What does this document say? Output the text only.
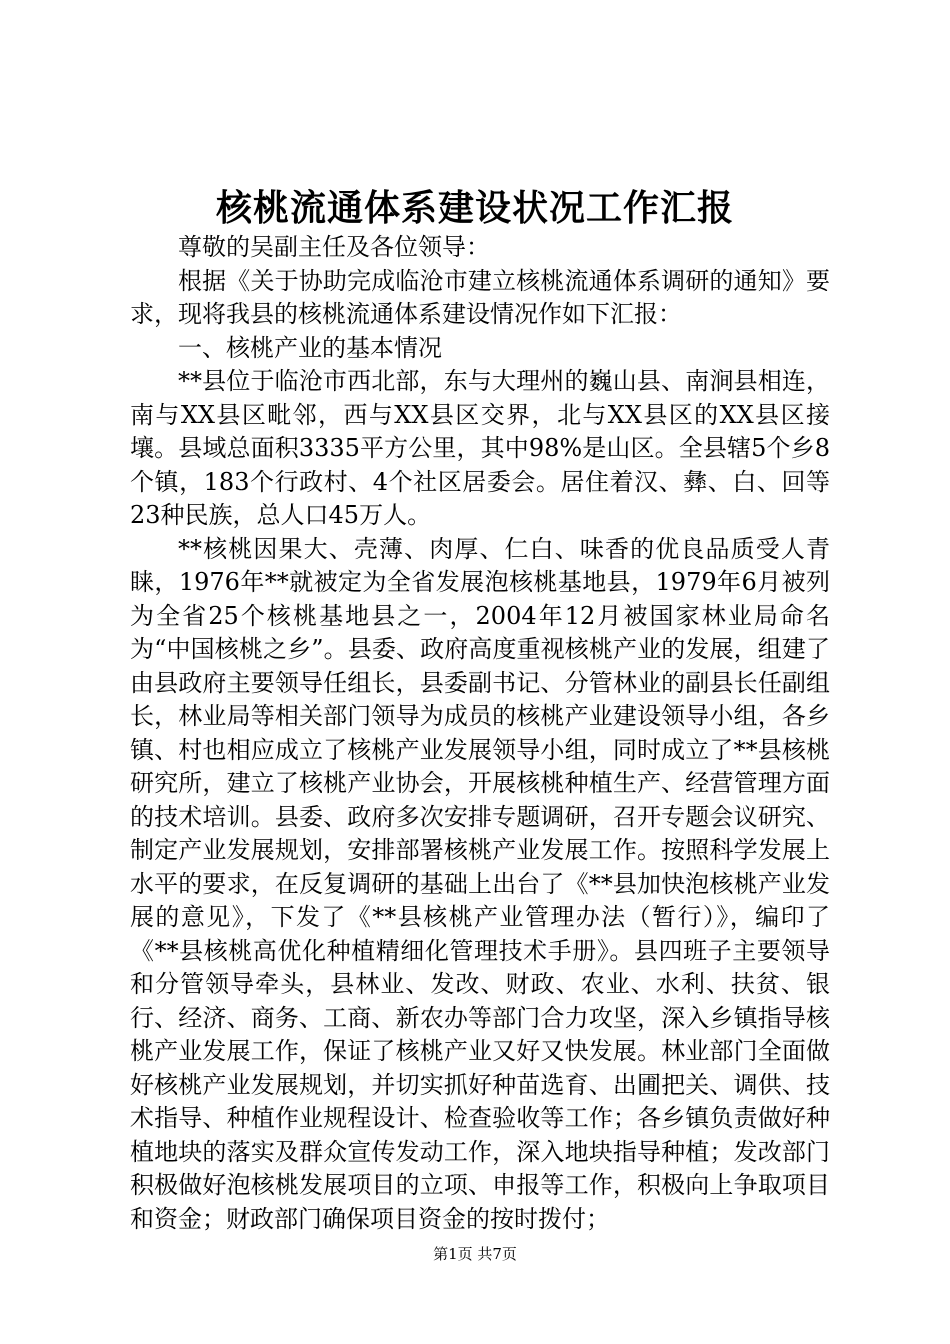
核桃流通体系建设状况工作汇报

尊敬的吴副主任及各位领导：

根据《关于协助完成临沧市建立核桃流通体系调研的通知》要求，现将我县的核桃流通体系建设情况作如下汇报：

一、核桃产业的基本情况

**县位于临沧市西北部，东与大理州的巍山县、南涧县相连，南与XX县区毗邻，西与XX县区交界，北与XX县区的XX县区接壤。县域总面积3335平方公里，其中98%是山区。全县辖5个乡8个镇，183个行政村、4个社区居委会。居住着汉、彝、白、回等23种民族，总人口45万人。

**核桃因果大、壳薄、肉厚、仁白、味香的优良品质受人青睐，1976年**就被定为全省发展泡核桃基地县，1979年6月被列为全省25个核桃基地县之一，2004年12月被国家林业局命名为“中国核桃之乡”。县委、政府高度重视核桃产业的发展，组建了由县政府主要领导任组长，县委副书记、分管林业的副县长任副组长，林业局等相关部门领导为成员的核桃产业建设领导小组，各乡镇、村也相应成立了核桃产业发展领导小组，同时成立了**县核桃研究所，建立了核桃产业协会，开展核桃种植生产、经营管理方面的技术培训。县委、政府多次安排专题调研，召开专题会议研究、制定产业发展规划，安排部署核桃产业发展工作。按照科学发展上水平的要求，在反复调研的基础上出台了《**县加快泡核桃产业发展的意见》，下发了《**县核桃产业管理办法（暂行）》，编印了《**县核桃高优化种植精细化管理技术手册》。县四班子主要领导和分管领导牵头，县林业、发改、财政、农业、水利、扶贫、银行、经济、商务、工商、新农办等部门合力攻坚，深入乡镇指导核桃产业发展工作，保证了核桃产业又好又快发展。林业部门全面做好核桃产业发展规划，并切实抓好种苗选育、出圃把关、调供、技术指导、种植作业规程设计、检查验收等工作；各乡镇负责做好种植地块的落实及群众宣传发动工作，深入地块指导种植；发改部门积极做好泡核桃发展项目的立项、申报等工作，积极向上争取项目和资金；财政部门确保项目资金的按时拨付；

第1页 共7页
